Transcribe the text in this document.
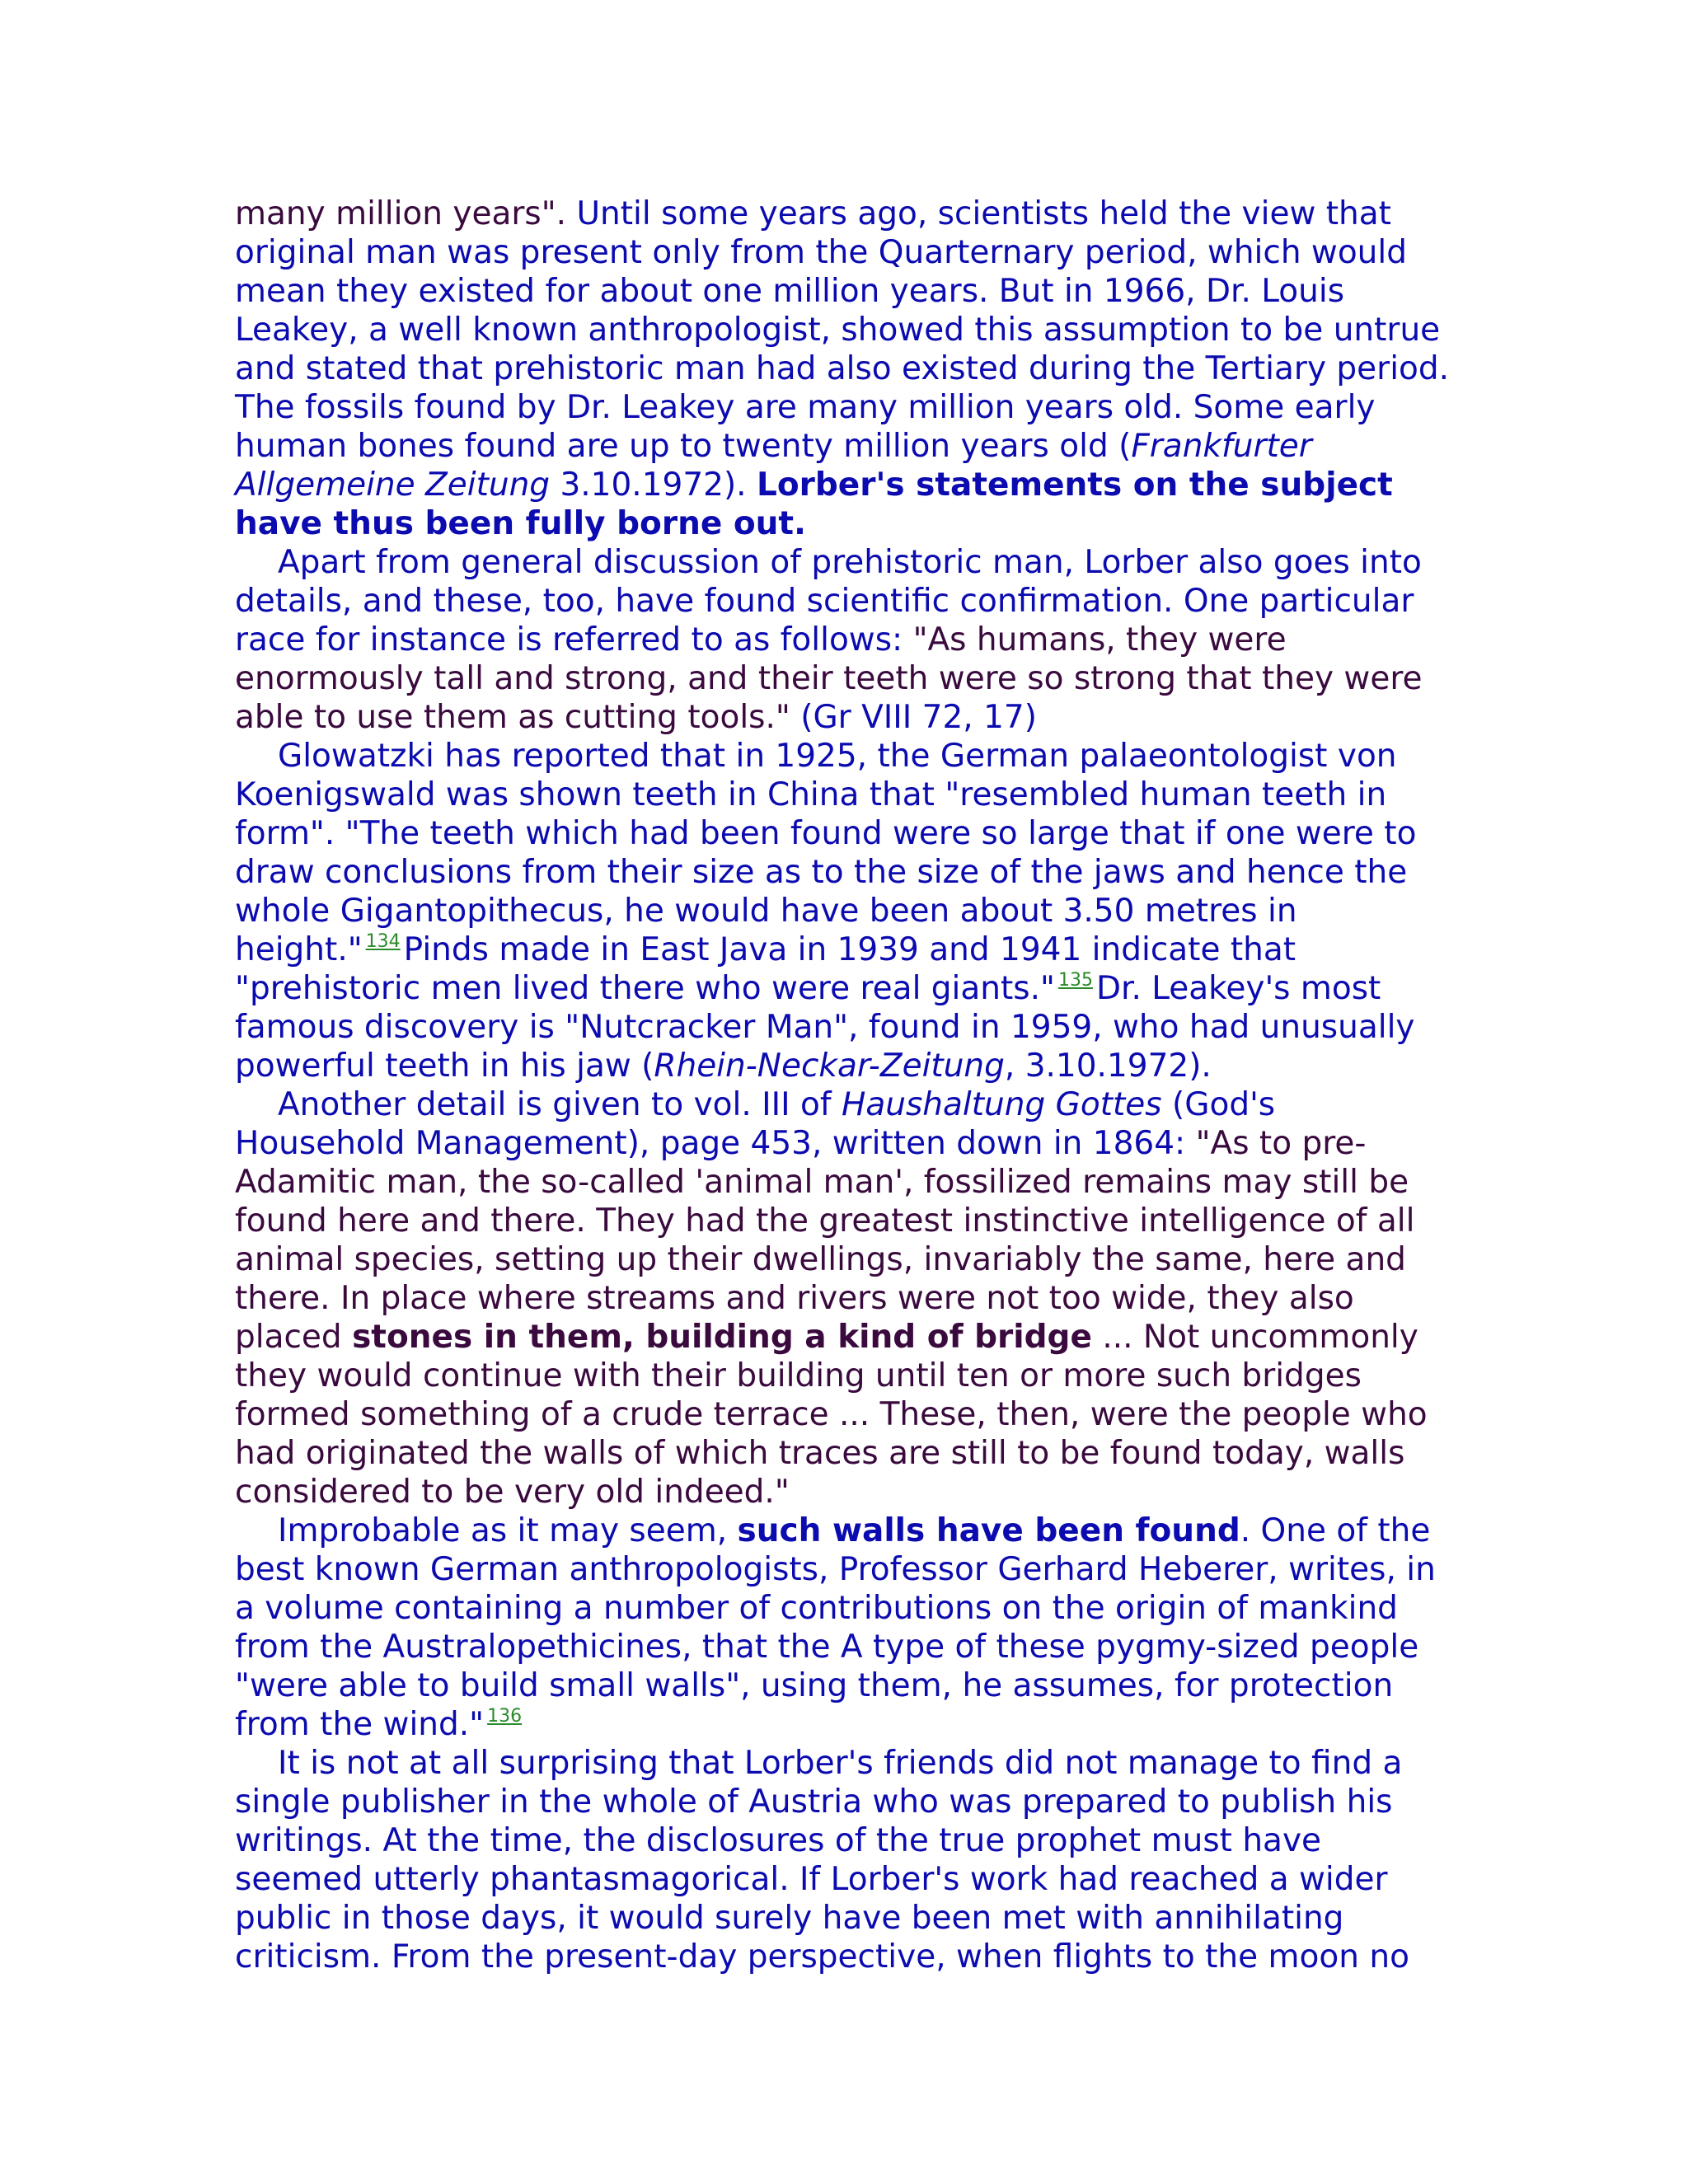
many million years". Until some years ago, scientists held the view that original man was present only from the Quarternary period, which would mean they existed for about one million years. But in 1966, Dr. Louis Leakey, a well known anthropologist, showed this assumption to be untrue and stated that prehistoric man had also existed during the Tertiary period. The fossils found by Dr. Leakey are many million years old. Some early human bones found are up to twenty million years old (Frankfurter Allgemeine Zeitung 3.10.1972). Lorber's statements on the subject have thus been fully borne out.

Apart from general discussion of prehistoric man, Lorber also goes into details, and these, too, have found scientific confirmation. One particular race for instance is referred to as follows: "As humans, they were enormously tall and strong, and their teeth were so strong that they were able to use them as cutting tools." (Gr VIII 72, 17)

Glowatzki has reported that in 1925, the German palaeontologist von Koenigswald was shown teeth in China that "resembled human teeth in form". "The teeth which had been found were so large that if one were to draw conclusions from their size as to the size of the jaws and hence the whole Gigantopithecus, he would have been about 3.50 metres in height." $^{134}$ Pinds made in East Java in 1939 and 1941 indicate that "prehistoric men lived there who were real giants." $^{135}$ Dr. Leakey's most famous discovery is "Nutcracker Man", found in 1959, who had unusually powerful teeth in his jaw (Rhein-Neckar-Zeitung, 3.10.1972).

Another detail is given to vol. III of Haushaltung Gottes (God's Household Management), page 453, written down in 1864: "As to pre-Adamitic man, the so-called 'animal man', fossilized remains may still be found here and there. They had the greatest instinctive intelligence of all animal species, setting up their dwellings, invariably the same, here and there. In place where streams and rivers were not too wide, they also placed stones in them, building a kind of bridge ... Not uncommonly they would continue with their building until ten or more such bridges formed something of a crude terrace ... These, then, were the people who had originated the walls of which traces are still to be found today, walls considered to be very old indeed."

Improbable as it may seem, such walls have been found. One of the best known German anthropologists, Professor Gerhard Heberer, writes, in a volume containing a number of contributions on the origin of mankind from the Australopethicines, that the A type of these pygmy-sized people "were able to build small walls", using them, he assumes, for protection from the wind." $^{136}$

It is not at all surprising that Lorber's friends did not manage to find a single publisher in the whole of Austria who was prepared to publish his writings. At the time, the disclosures of the true prophet must have seemed utterly phantasmagorical. If Lorber's work had reached a wider public in those days, it would surely have been met with annihilating criticism. From the present-day perspective, when flights to the moon no
